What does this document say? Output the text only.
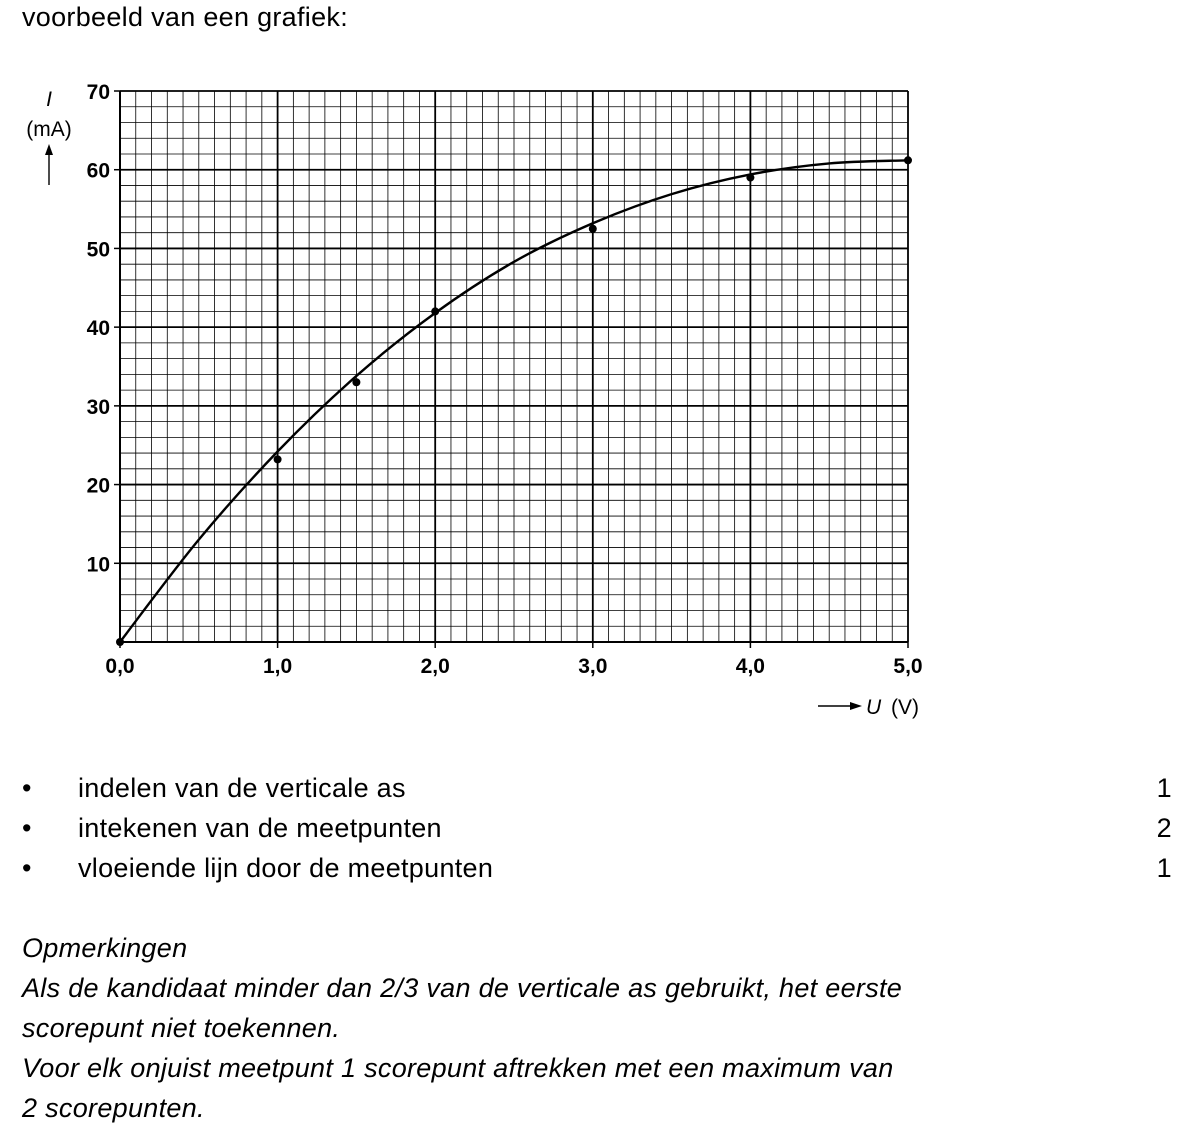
voorbeeld van een grafiek:
10
20
30
40
50
60
70
0,0	1,0	2,0	3,0	4,0	5,0
I
(mA)
U (V)
• indelen van de verticale as	1
• intekenen van de meetpunten	2
• vloeiende lijn door de meetpunten	1

Opmerkingen

Als de kandidaat minder dan 2/3 van de verticale as gebruikt, het eerste

scorepunt niet toekennen.

Voor elk onjuist meetpunt 1 scorepunt aftrekken met een maximum van

2 scorepunten.
